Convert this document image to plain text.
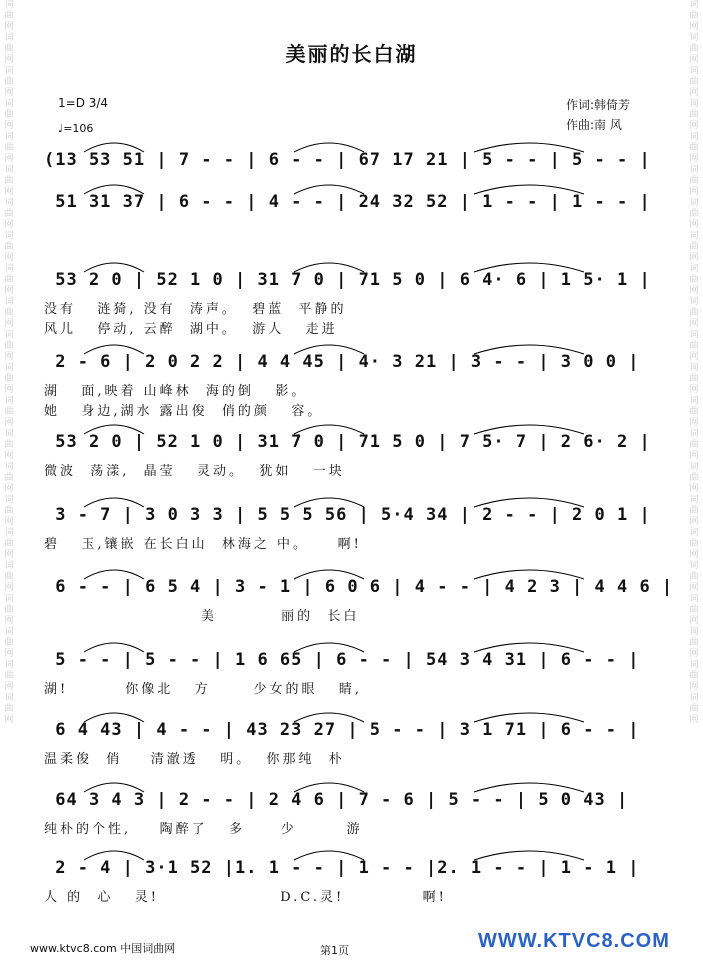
词
曲
网
词
曲
网
词
曲
网
词
曲
网
词
曲
网
词
曲
网
词
曲
网
词
曲
网
词
曲
网
词
曲
网
词
曲
网
词
曲
网
词
曲
网
词
曲
网
词
曲
网
词
曲
网
词
曲
网
词
曲
网
词
曲
网
词
曲
网
词
曲
网
词
曲
网
词
曲
网
词
曲
网
词
曲
网
词
曲
网
词
曲
网
词
曲
网
词
曲
网
词
曲
网
词
曲
网
词
曲
网
词
曲
网
词
曲
网
词
曲
网
词
曲
网
词
曲
网
词
曲
网
词
曲
网
词
曲
网
词
曲
网
词
曲
网
词
曲
网
词
曲
网
美丽的长白湖
1=D 3/4
♩=106
作词:韩倚芳
作曲:南 风
(13 53 51 | 7 - - | 6 - - | 67 17 21 | 5 - - | 5 - - |
51 31 37 | 6 - - | 4 - - | 24 32 52 | 1 - - | 1 - - |
53 2 0 | 52 1 0 | 31 7 0 | 71 5 0 | 6 4· 6 | 1 5· 1 |
没有   涟猗, 没有  涛声。  碧蓝  平静的
风儿   停动, 云醉  湖中。  游人   走进
2 - 6 | 2 0 2 2 | 4 4 45 | 4· 3 21 | 3 - - | 3 0 0 |
湖   面,映着 山峰林  海的倒   影。
她   身边,湖水 露出俊  俏的颜   容。
53 2 0 | 52 1 0 | 31 7 0 | 71 5 0 | 7 5· 7 | 2 6· 2 |
微波  荡漾,  晶莹   灵动。  犹如   一块
3 - 7 | 3 0 3 3 | 5 5 5 56 | 5·4 34 | 2 - - | 2 0 1 |
碧   玉,镶嵌 在长白山  林海之 中。    啊!
6 - - | 6 5 4 | 3 - 1 | 6 0 6 | 4 - - | 4 2 3 | 4 4 6 |
美         丽的  长白
5 - - | 5 - - | 1 6 65 | 6 - - | 54 3 4 31 | 6 - - |
湖!        你像北   方      少女的眼   睛,
6 4 43 | 4 - - | 43 23 27 | 5 - - | 3 1 71 | 6 - - |
温柔俊  俏    清澈透   明。  你那纯  朴
64 3 4 3 | 2 - - | 2 4 6 | 7 - 6 | 5 - - | 5 0 43 |
纯朴的个性,    陶醉了   多     少       游
2 - 4 | 3·1 52 |1. 1 - - | 1 - - |2. 1 - - | 1 - 1 |
人 的  心   灵!                 D.C.灵!           啊!
www.ktvc8.com 中国词曲网	第1页	WWW.KTVC8.COM
